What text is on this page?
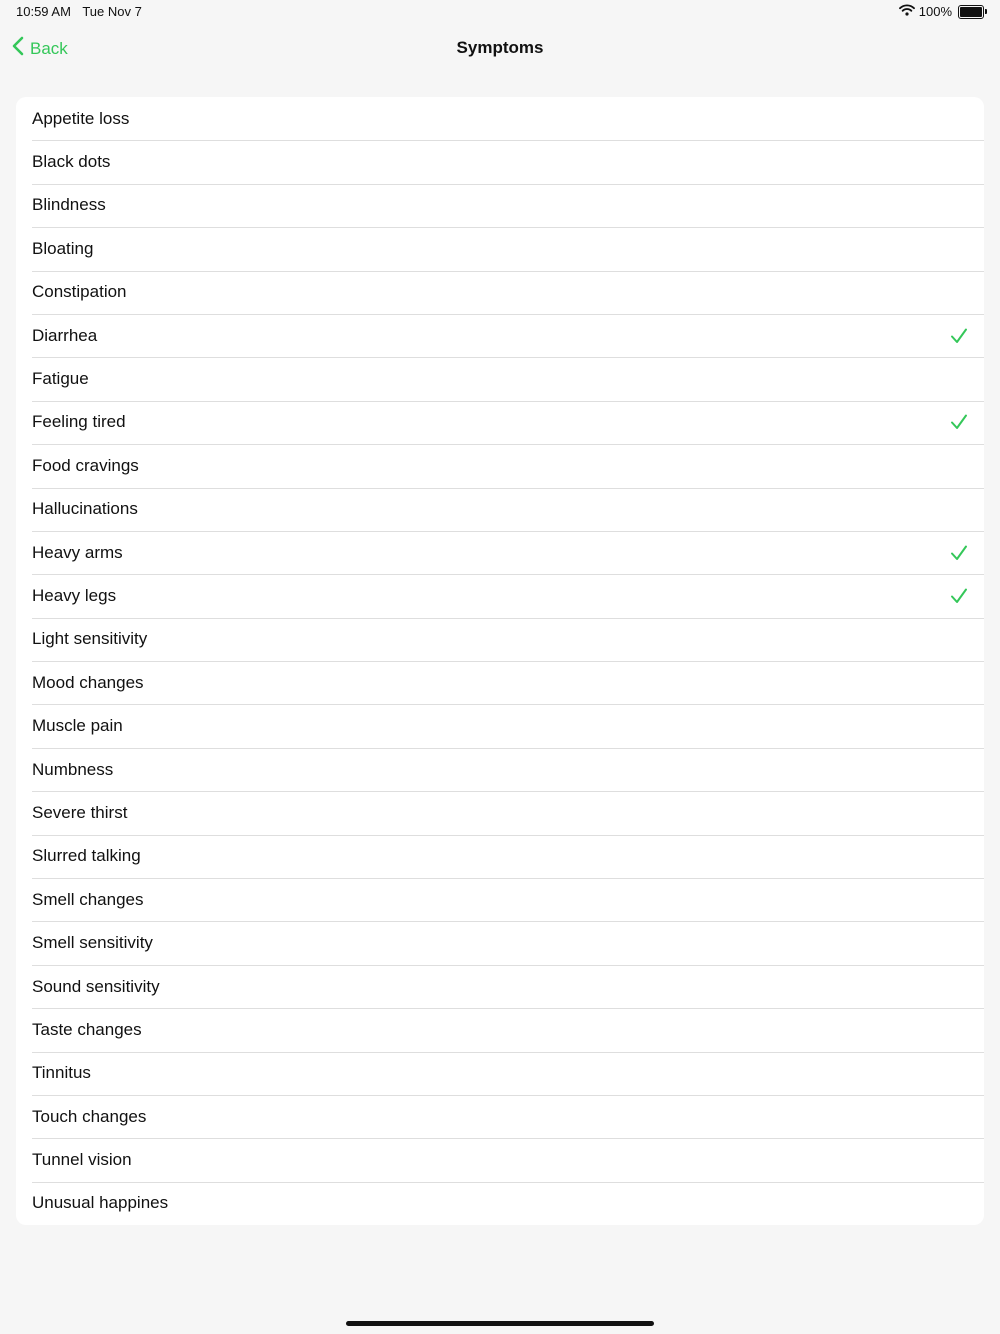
10:59 AM Tue Nov 7	100%
Back	Symptoms
Appetite loss
Black dots
Blindness
Bloating
Constipation
Diarrhea
Fatigue
Feeling tired
Food cravings
Hallucinations
Heavy arms
Heavy legs
Light sensitivity
Mood changes
Muscle pain
Numbness
Severe thirst
Slurred talking
Smell changes
Smell sensitivity
Sound sensitivity
Taste changes
Tinnitus
Touch changes
Tunnel vision
Unusual happines
